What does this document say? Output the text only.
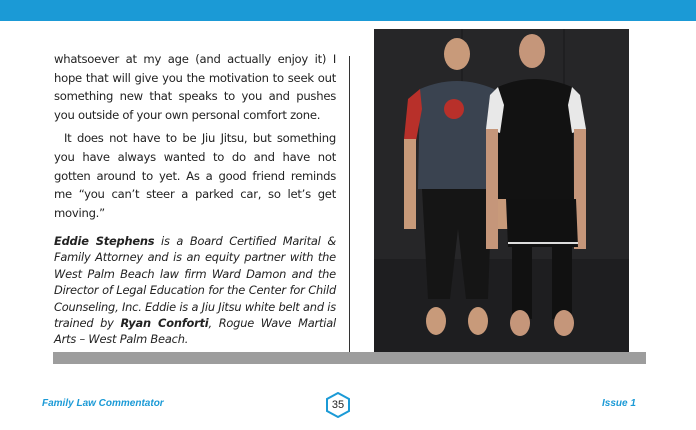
whatsoever at my age (and actually enjoy it) I hope that will give you the motivation to seek out something new that speaks to you and pushes you outside of your own personal comfort zone.

It does not have to be Jiu Jitsu, but something you have always wanted to do and have not gotten around to yet. As a good friend reminds me “you can’t steer a parked car, so let’s get moving.”

Eddie Stephens is a Board Certified Marital & Family Attorney and is an equity partner with the West Palm Beach law firm Ward Damon and the Director of Legal Education for the Center for Child Counseling, Inc. Eddie is a Jiu Jitsu white belt and is trained by Ryan Conforti, Rogue Wave Martial Arts – West Palm Beach.
Family Law Commentator	35	Issue 1
